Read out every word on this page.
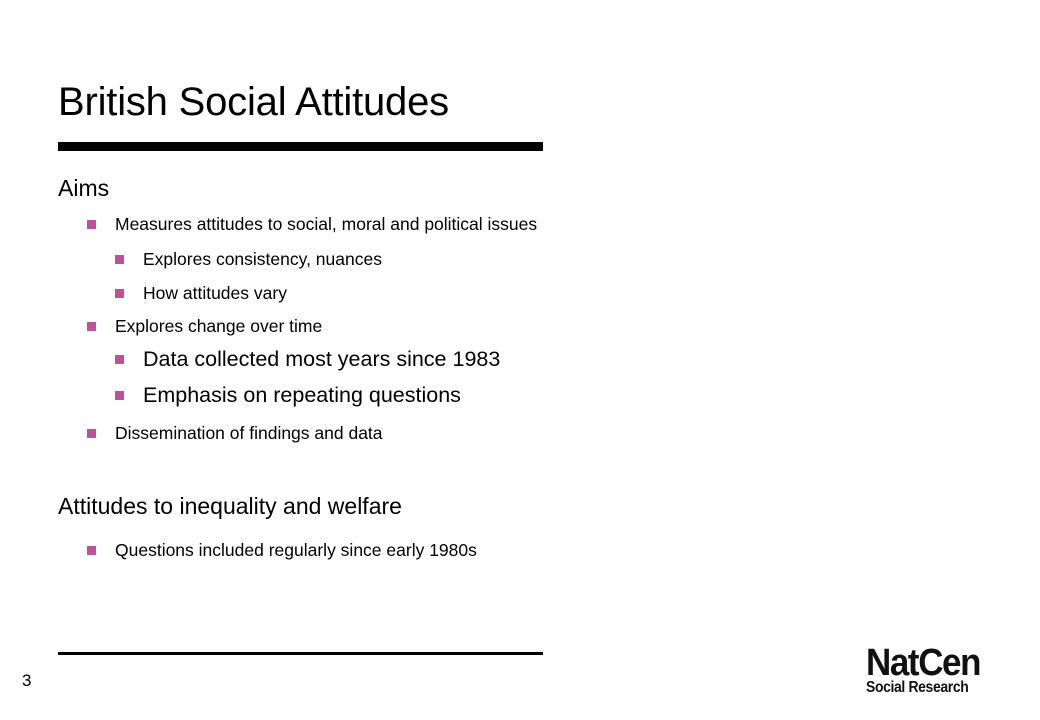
British Social Attitudes
Aims
Measures attitudes to social, moral and political issues
Explores consistency, nuances
How attitudes vary
Explores change over time
Data collected most years since 1983
Emphasis on repeating questions
Dissemination of findings and data
Attitudes to inequality and welfare
Questions included regularly since early 1980s
3	NatCen
Social Research
